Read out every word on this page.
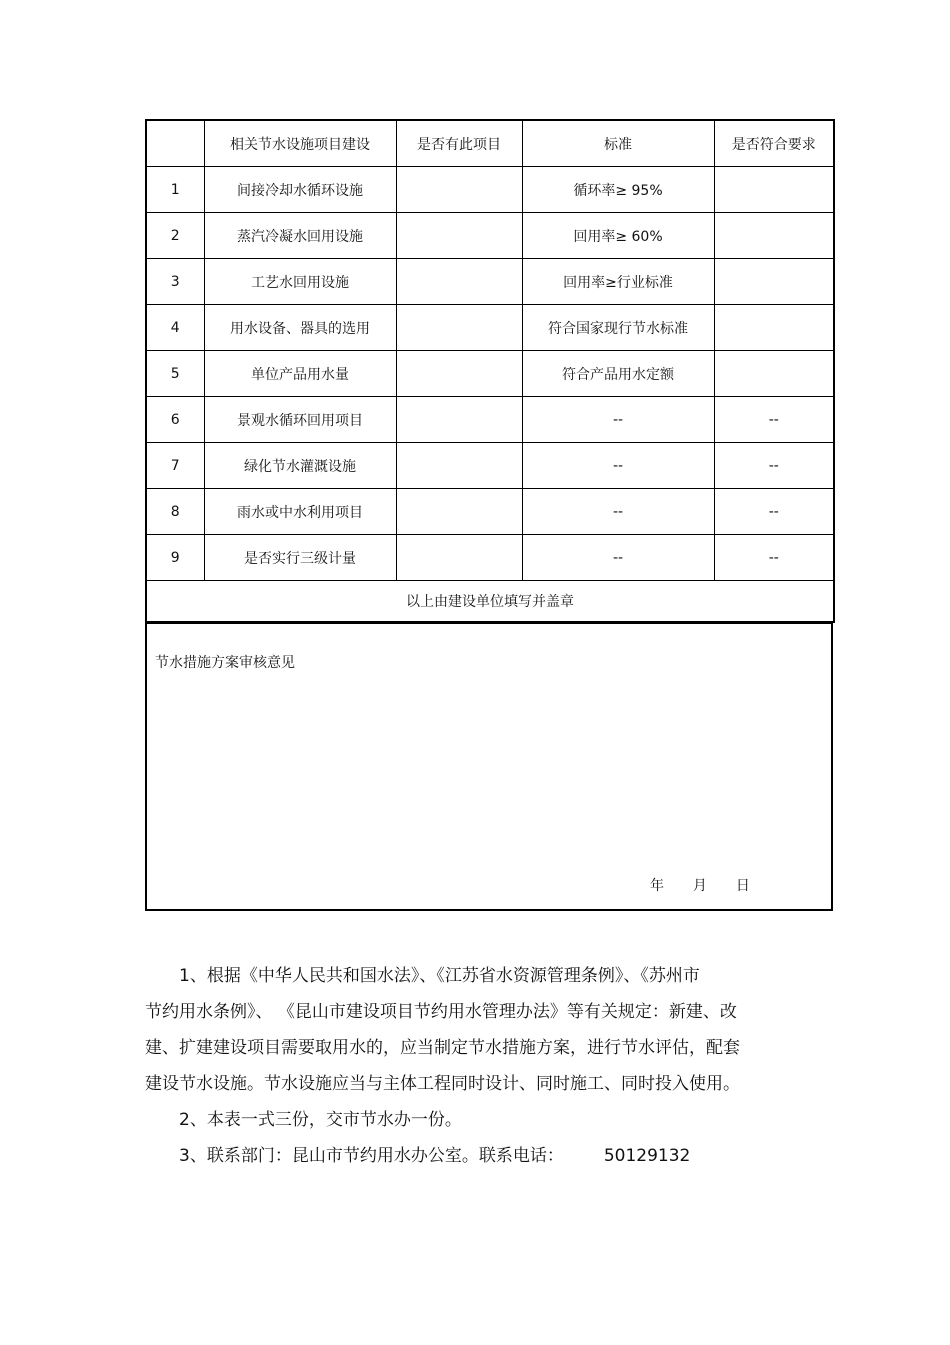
	相关节水设施项目建设	是否有此项目	标准	是否符合要求
1	间接冷却水循环设施		循环率≥ 95%	
2	蒸汽冷凝水回用设施		回用率≥ 60%	
3	工艺水回用设施		回用率≥行业标准	
4	用水设备、器具的选用		符合国家现行节水标准	
5	单位产品用水量		符合产品用水定额	
6	景观水循环回用项目		--	--
7	绿化节水灌溉设施		--	--
8	雨水或中水利用项目		--	--
9	是否实行三级计量		--	--
以上由建设单位填写并盖章				
节水措施方案审核意见
年 月 日

1、根据《中华人民共和国水法》、《江苏省水资源管理条例》、《苏州市

节约用水条例》、 《昆山市建设项目节约用水管理办法》等有关规定：新建、改

建、扩建建设项目需要取用水的，应当制定节水措施方案，进行节水评估，配套

建设节水设施。节水设施应当与主体工程同时设计、同时施工、同时投入使用。

2、本表一式三份，交市节水办一份。

3、联系部门：昆山市节约用水办公室。联系电话： 50129132
